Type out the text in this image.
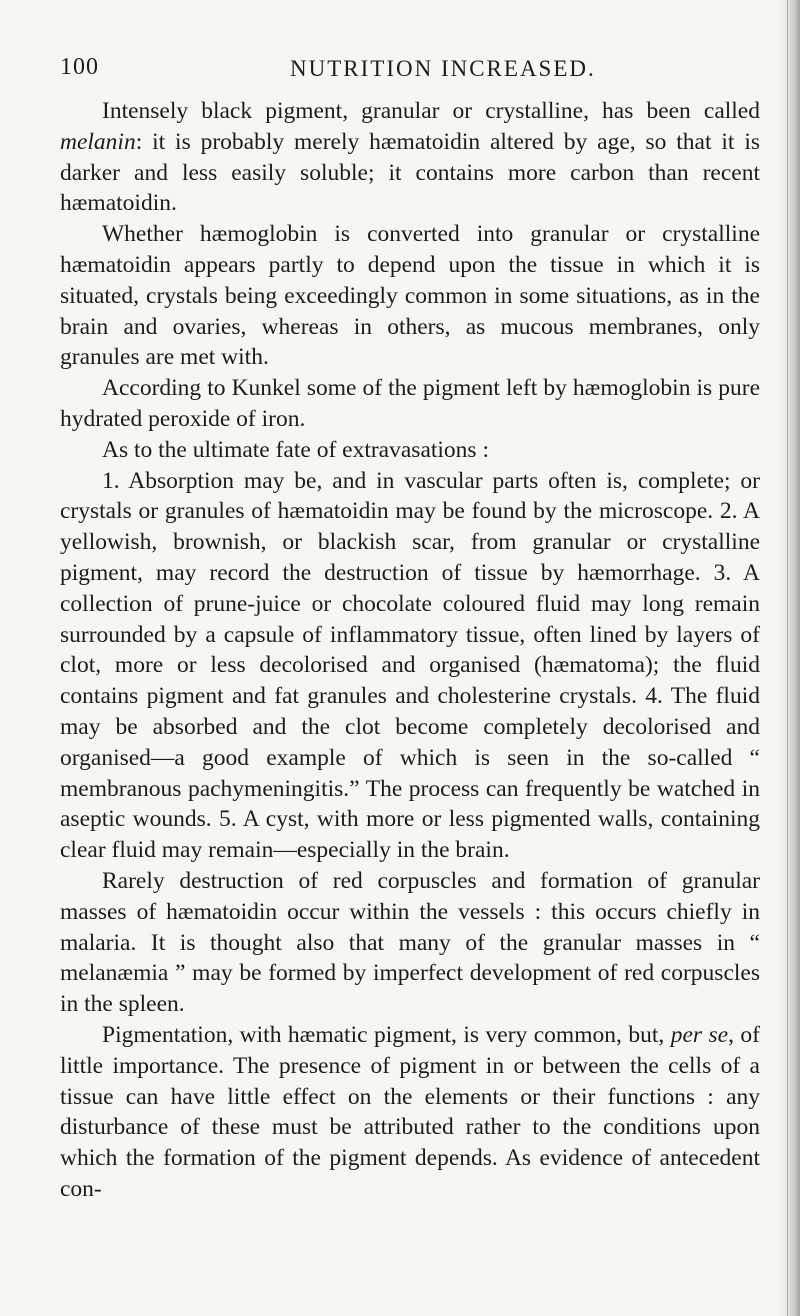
100	NUTRITION INCREASED.

Intensely black pigment, granular or crystalline, has been called melanin: it is probably merely hæmatoidin altered by age, so that it is darker and less easily soluble; it contains more carbon than recent hæmatoidin.

Whether hæmoglobin is converted into granular or crystalline hæmatoidin appears partly to depend upon the tissue in which it is situated, crystals being exceedingly common in some situations, as in the brain and ovaries, whereas in others, as mucous membranes, only granules are met with.

According to Kunkel some of the pigment left by hæmoglobin is pure hydrated peroxide of iron.

As to the ultimate fate of extravasations :

1. Absorption may be, and in vascular parts often is, complete; or crystals or granules of hæmatoidin may be found by the microscope. 2. A yellowish, brownish, or blackish scar, from granular or crystalline pigment, may record the destruction of tissue by hæmorrhage. 3. A collection of prune-juice or chocolate coloured fluid may long remain surrounded by a capsule of inflammatory tissue, often lined by layers of clot, more or less decolorised and organised (hæmatoma); the fluid contains pigment and fat granules and cholesterine crystals. 4. The fluid may be absorbed and the clot become completely decolorised and organised—a good example of which is seen in the so-called “ membranous pachymeningitis.” The process can frequently be watched in aseptic wounds. 5. A cyst, with more or less pigmented walls, containing clear fluid may remain—especially in the brain.

Rarely destruction of red corpuscles and formation of granular masses of hæmatoidin occur within the vessels : this occurs chiefly in malaria. It is thought also that many of the granular masses in “ melanæmia ” may be formed by imperfect development of red corpuscles in the spleen.

Pigmentation, with hæmatic pigment, is very common, but, per se, of little importance. The presence of pigment in or between the cells of a tissue can have little effect on the elements or their functions : any disturbance of these must be attributed rather to the conditions upon which the formation of the pigment depends. As evidence of antecedent con-
